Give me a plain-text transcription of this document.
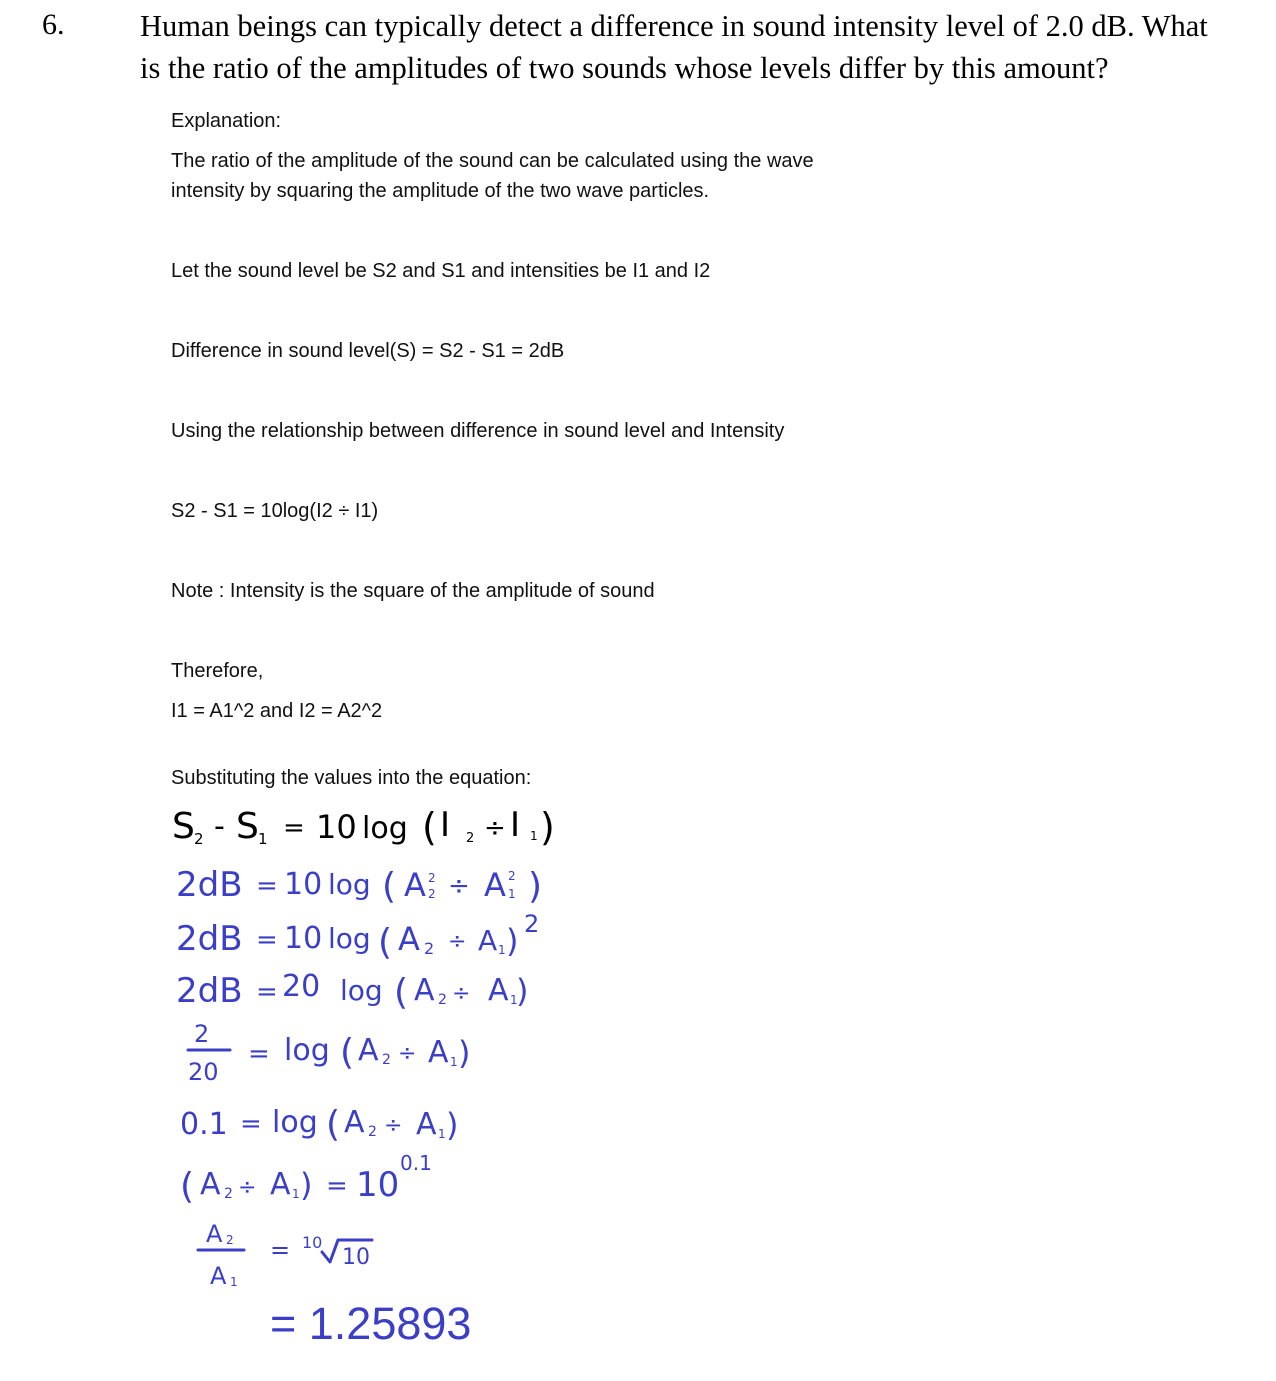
6. Human beings can typically detect a difference in sound intensity level of 2.0 dB. What
is the ratio of the amplitudes of two sounds whose levels differ by this amount?
Explanation:
The ratio of the amplitude of the sound can be calculated using the wave
intensity by squaring the amplitude of the two wave particles.
Let the sound level be S2 and S1 and intensities be I1 and I2
Difference in sound level(S) = S2 - S1 = 2dB
Using the relationship between difference in sound level and Intensity
S2 - S1 = 10log(I2 ÷ I1)
Note : Intensity is the square of the amplitude of sound
Therefore,
I1 = A1^2 and I2 = A2^2
Substituting the values into the equation:
S 2 - S 1 = 10 log ( I 2 ÷ I 1 )
2dB = 10 log ( A 2
2 ÷ A 2
1 )
2dB = 10 log ( A 2 ÷ A 1 ) 2
2dB = 20 log ( A 2 ÷ A 1
)
2
20
= log ( A 2 ÷ A 1 )
0.1 = log ( A 2 ÷ A 1 )
( A 2 ÷ A 1 ) = 10
0.1
A 2
A 1
= 10
10
= 1.25893
